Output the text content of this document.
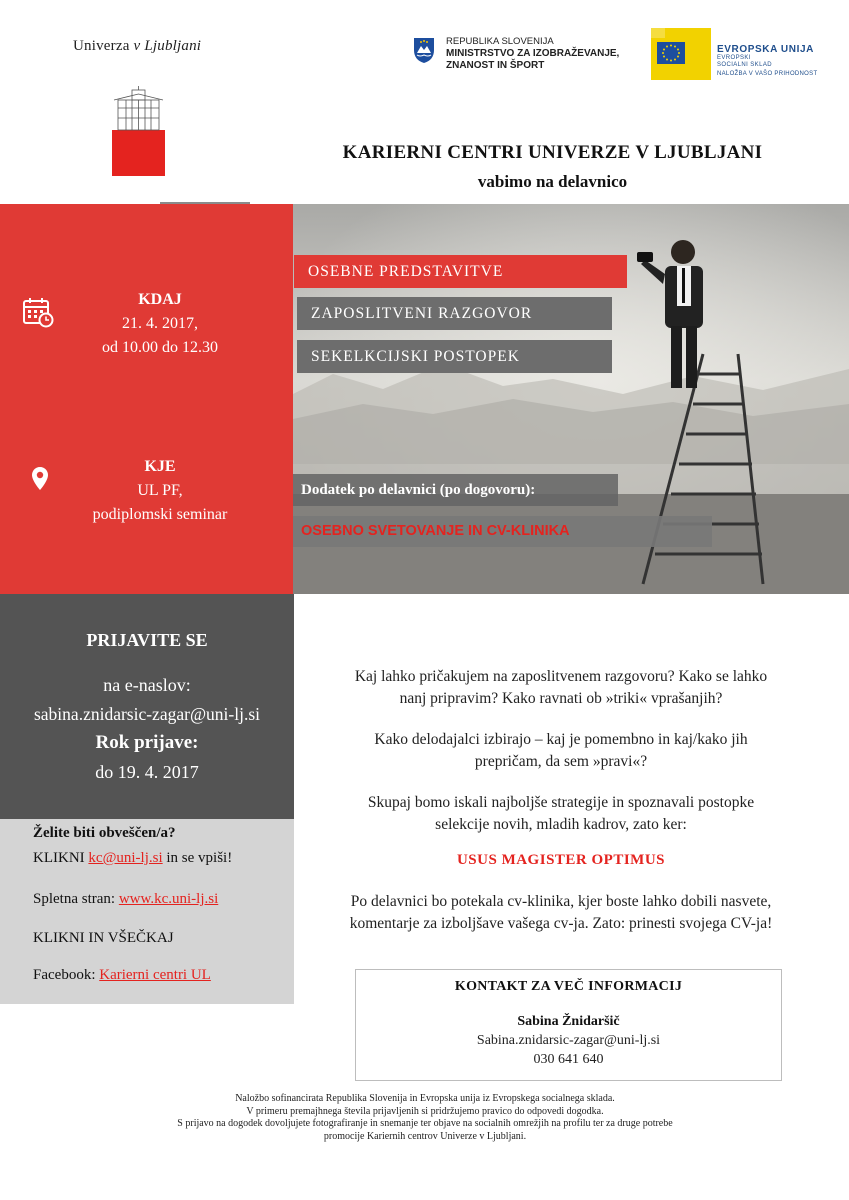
Univerza v Ljubljani	REPUBLIKA SLOVENIJA
MINISTRSTVO ZA IZOBRAŽEVANJE,
ZNANOST IN ŠPORT
EVROPSKA UNIJA
EVROPSKI
SOCIALNI SKLAD
NALOŽBA V VAŠO PRIHODNOST
KARIERNI CENTRI UNIVERZE V LJUBLJANI
vabimo na delavnico
KDAJ
21. 4. 2017,
od 10.00 do 12.30
KJE
UL PF,
podiplomski seminar
OSEBNE PREDSTAVITVE
ZAPOSLITVENI RAZGOVOR
SEKELKCIJSKI POSTOPEK
Dodatek po delavnici (po dogovoru):
OSEBNO SVETOVANJE IN CV-KLINIKA
PRIJAVITE SE
na e-naslov:
sabina.znidarsic-zagar@uni-lj.si
Rok prijave:
do 19. 4. 2017
Želite biti obveščen/a?
KLIKNI kc@uni-lj.si in se vpiši!
Spletna stran: www.kc.uni-lj.si
KLIKNI IN VŠEČKAJ
Facebook: Karierni centri UL
Kaj lahko pričakujem na zaposlitvenem razgovoru? Kako se lahko
nanj pripravim? Kako ravnati ob »triki« vprašanjih?
Kako delodajalci izbirajo – kaj je pomembno in kaj/kako jih
prepričam, da sem »pravi«?
Skupaj bomo iskali najboljše strategije in spoznavali postopke
selekcije novih, mladih kadrov, zato ker:
USUS MAGISTER OPTIMUS
Po delavnici bo potekala cv-klinika, kjer boste lahko dobili nasvete,
komentarje za izboljšave vašega cv-ja. Zato: prinesti svojega CV-ja!
KONTAKT ZA VEČ INFORMACIJ
Sabina Žnidaršič
Sabina.znidarsic-zagar@uni-lj.si
030 641 640
Naložbo sofinancirata Republika Slovenija in Evropska unija iz Evropskega socialnega sklada.
V primeru premajhnega števila prijavljenih si pridržujemo pravico do odpovedi dogodka.
S prijavo na dogodek dovoljujete fotografiranje in snemanje ter objave na socialnih omrežjih na profilu ter za druge potrebe
promocije Kariernih centrov Univerze v Ljubljani.
